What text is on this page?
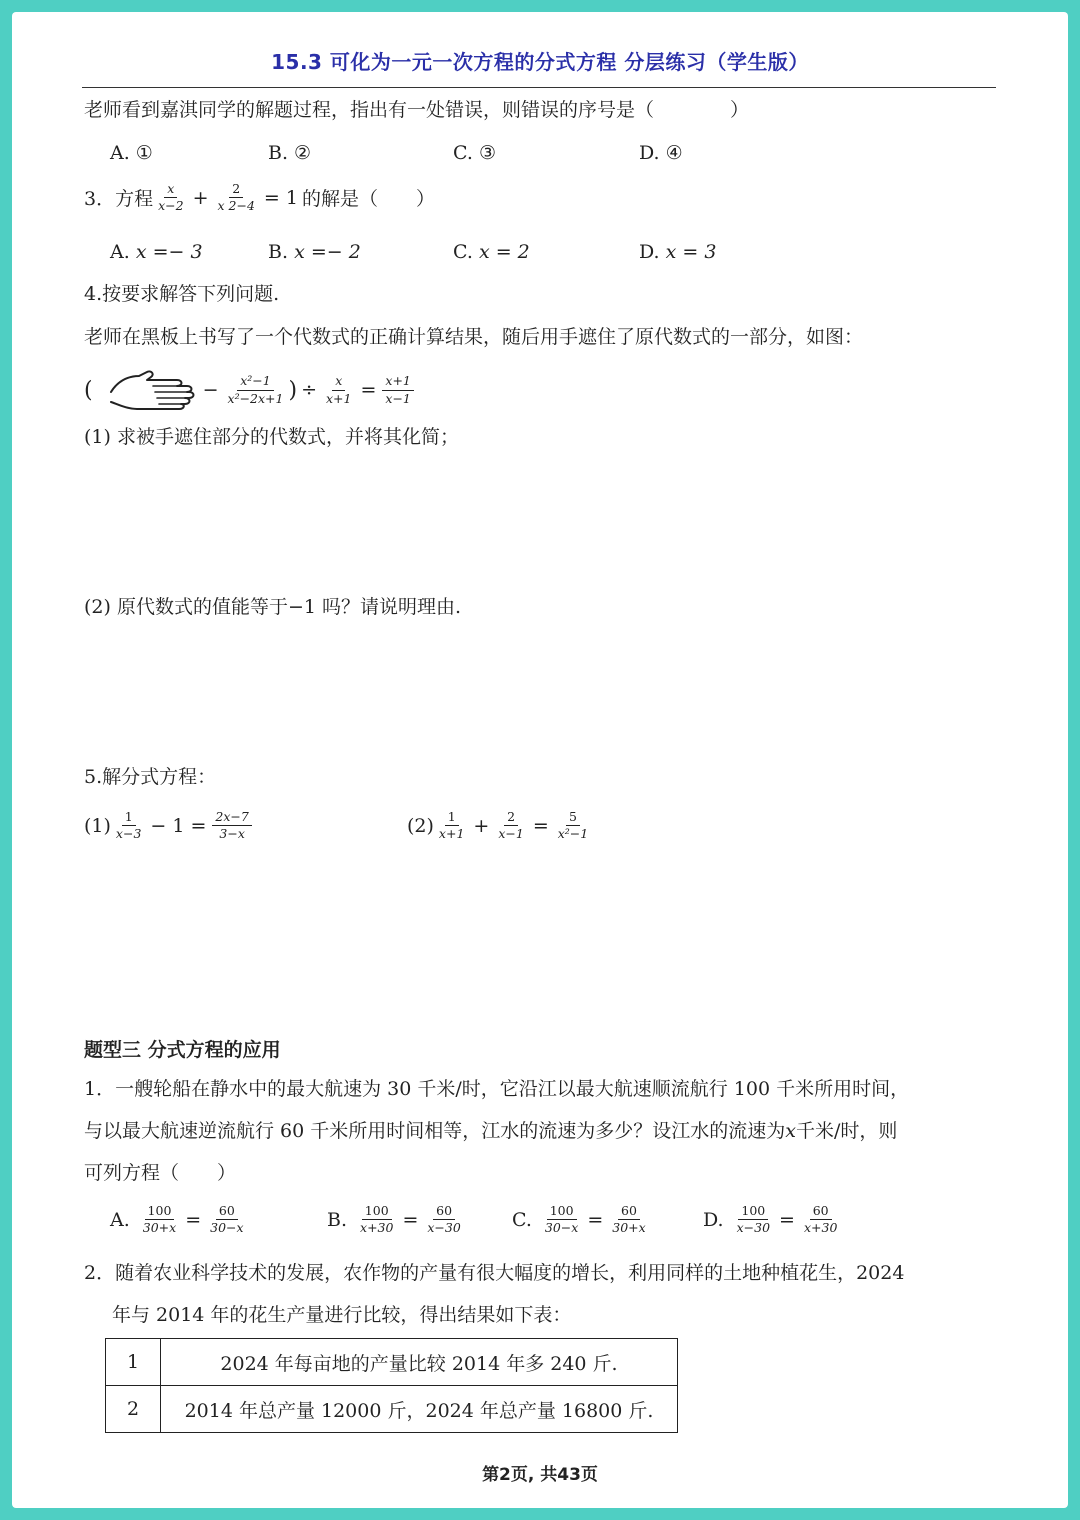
15.3 可化为一元一次方程的分式方程 分层练习（学生版）
老师看到嘉淇同学的解题过程，指出有一处错误，则错误的序号是（　　　　）
A. ①	B. ②	C. ③	D. ④
3．方程 $\frac{x}{x-2} + \frac{2}{x 2-4} = 1$ 的解是（　　）
A. x =− 3	B. x =− 2	C. x = 2	D. x = 3
4.按要求解答下列问题.
老师在黑板上书写了一个代数式的正确计算结果，随后用手遮住了原代数式的一部分，如图：
(	− $\frac{\text{x²−1}}{\text{x²−2x+1}}$ ) ÷ $\frac{x}{x+1} = \frac{x+1}{x-1}$
(1) 求被手遮住部分的代数式，并将其化简；
(2) 原代数式的值能等于−1 吗？请说明理由.
5.解分式方程：
$(1) \frac{1}{x-3} - 1 = \frac{2x-7}{3-x}$	$(2) \frac{1}{x+1} + \frac{2}{x-1} = \frac{5}{\text{x²−1}}$
题型三 分式方程的应用
1．一艘轮船在静水中的最大航速为 30 千米/时，它沿江以最大航速顺流航行 100 千米所用时间，
与以最大航速逆流航行 60 千米所用时间相等，江水的流速为多少？设江水的流速为x千米/时，则
可列方程（　　）
A. $\frac{100}{30+x} = \frac{60}{30-x}$	B. $\frac{100}{x+30} = \frac{60}{x-30}$	C. $\frac{100}{30-x} = \frac{60}{30+x}$	D. $\frac{100}{x-30} = \frac{60}{x+30}$
2．随着农业科学技术的发展，农作物的产量有很大幅度的增长，利用同样的土地种植花生，2024
年与 2014 年的花生产量进行比较，得出结果如下表：
1	2024 年每亩地的产量比较 2014 年多 240 斤.
2	2014 年总产量 12000 斤，2024 年总产量 16800 斤.
第2页, 共43页
